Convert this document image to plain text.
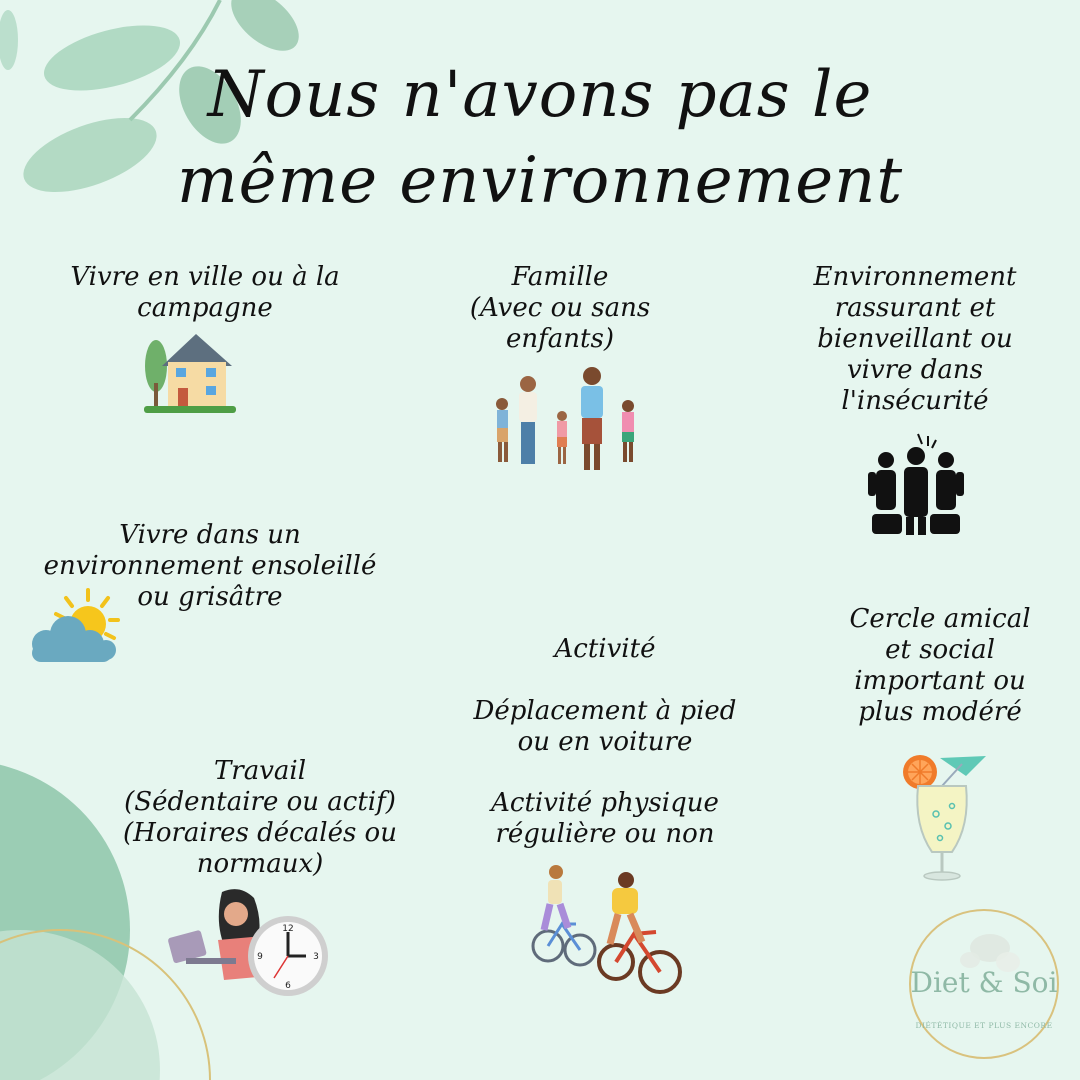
Nous n'avons pas le
même environnement
Vivre en ville ou à la
campagne
Famille
(Avec ou sans
enfants)
Environnement
rassurant et
bienveillant ou
vivre dans
l'insécurité
Vivre dans un
environnement ensoleillé
ou grisâtre
Activité
Déplacement à pied
ou en voiture
Activité physique
régulière ou non
Cercle amical
et social
important ou
plus modéré
Travail
(Sédentaire ou actif)
(Horaires décalés ou
normaux)
12
3
6
9
Diet & Soi
DIÉTÉTIQUE ET PLUS ENCORE
